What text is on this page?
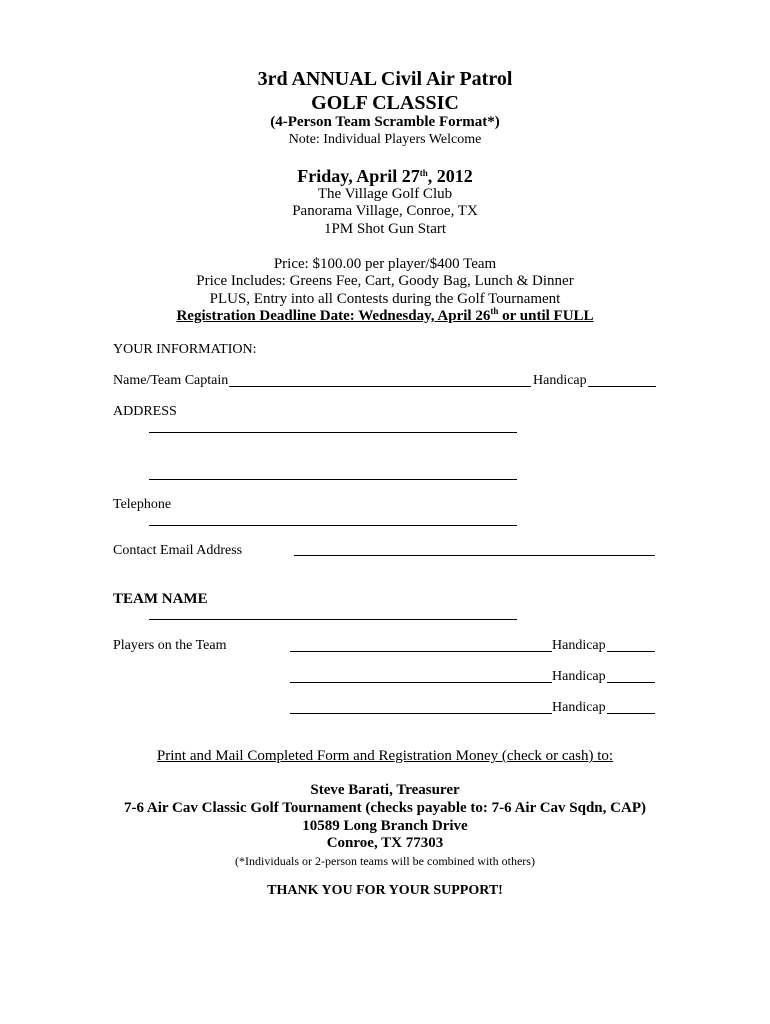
3rd ANNUAL Civil Air Patrol
GOLF CLASSIC
(4-Person Team Scramble Format*)
Note: Individual Players Welcome
Friday, April 27th, 2012
The Village Golf Club
Panorama Village, Conroe, TX
1PM Shot Gun Start
Price: $100.00 per player/$400 Team
Price Includes: Greens Fee, Cart, Goody Bag, Lunch & Dinner
PLUS, Entry into all Contests during the Golf Tournament
Registration Deadline Date: Wednesday, April 26th or until FULL
YOUR INFORMATION:
Name/Team Captain	Handicap
ADDRESS
Telephone
Contact Email Address
TEAM NAME
Players on the Team	Handicap
Handicap
Handicap
Print and Mail Completed Form and Registration Money (check or cash) to:
Steve Barati, Treasurer
7-6 Air Cav Classic Golf Tournament (checks payable to: 7-6 Air Cav Sqdn, CAP)
10589 Long Branch Drive
Conroe, TX 77303
(*Individuals or 2-person teams will be combined with others)
THANK YOU FOR YOUR SUPPORT!
